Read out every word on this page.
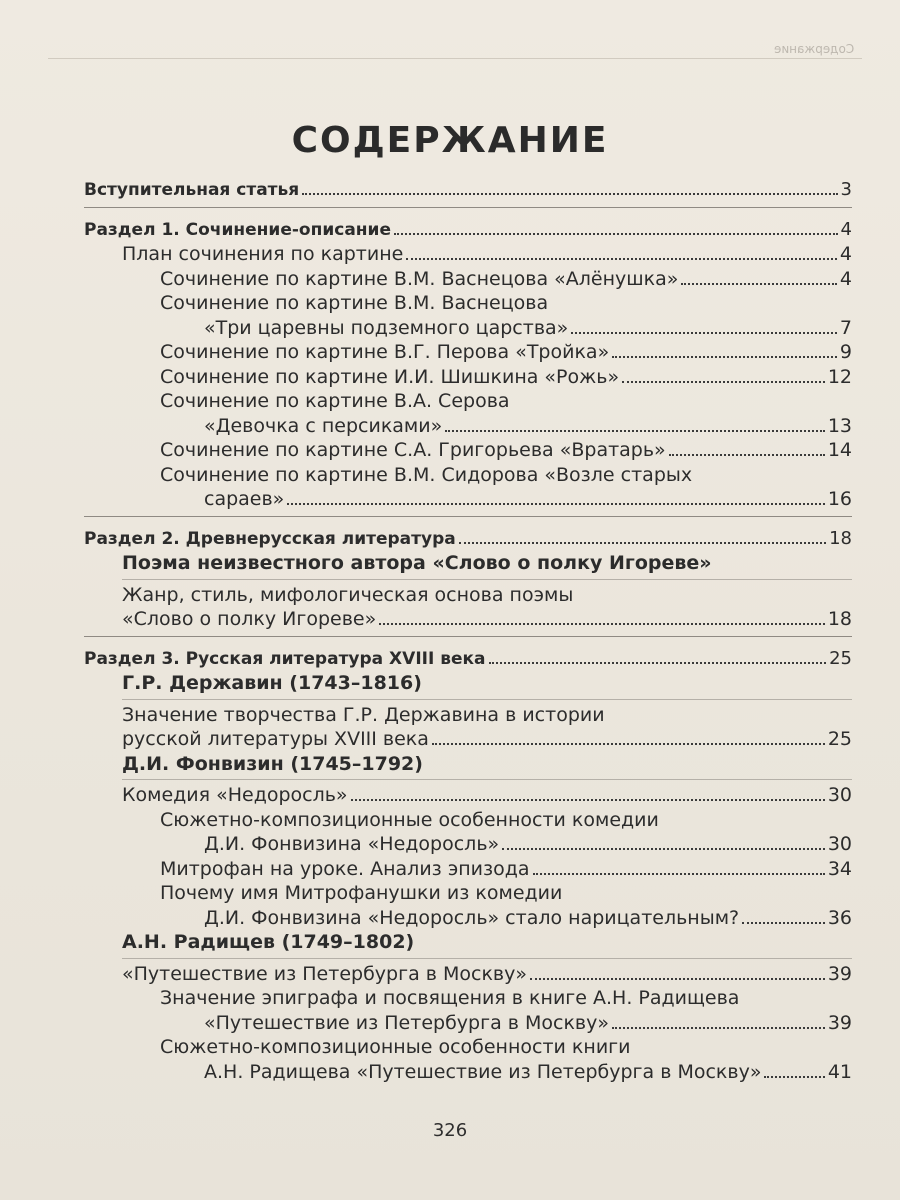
Содержание
СОДЕРЖАНИЕ
Вступительная статья	3
Раздел 1. Сочинение-описание	4
План сочинения по картине	4
Сочинение по картине В.М. Васнецова «Алёнушка»	4
Сочинение по картине В.М. Васнецова
«Три царевны подземного царства»	7
Сочинение по картине В.Г. Перова «Тройка»	9
Сочинение по картине И.И. Шишкина «Рожь»	12
Сочинение по картине В.А. Серова
«Девочка с персиками»	13
Сочинение по картине С.А. Григорьева «Вратарь»	14
Сочинение по картине В.М. Сидорова «Возле старых
сараев»	16
Раздел 2. Древнерусская литература	18
Поэма неизвестного автора «Слово о полку Игореве»
Жанр, стиль, мифологическая основа поэмы
«Слово о полку Игореве»	18
Раздел 3. Русская литература XVIII века	25
Г.Р. Державин (1743–1816)
Значение творчества Г.Р. Державина в истории
русской литературы XVIII века	25
Д.И. Фонвизин (1745–1792)
Комедия «Недоросль»	30
Сюжетно-композиционные особенности комедии
Д.И. Фонвизина «Недоросль»	30
Митрофан на уроке. Анализ эпизода	34
Почему имя Митрофанушки из комедии
Д.И. Фонвизина «Недоросль» стало нарицательным?	36
А.Н. Радищев (1749–1802)
«Путешествие из Петербурга в Москву»	39
Значение эпиграфа и посвящения в книге А.Н. Радищева
«Путешествие из Петербурга в Москву»	39
Сюжетно-композиционные особенности книги
А.Н. Радищева «Путешествие из Петербурга в Москву»	41
326
